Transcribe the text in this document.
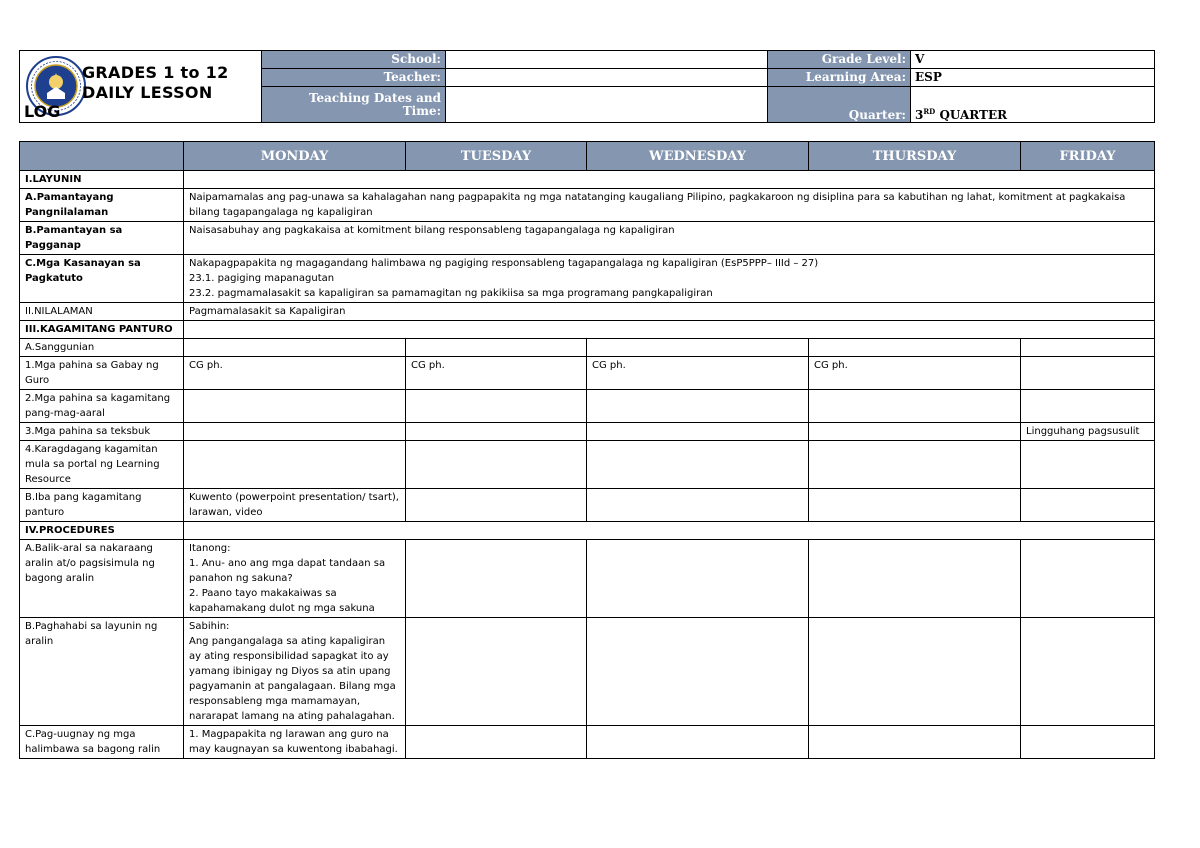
GRADES 1 to 12
DAILY LESSON
LOG
School:		Grade Level:	V
Teacher:		Learning Area:	ESP

Teaching Dates and
Time:		Quarter:	3RD QUARTER
	MONDAY	TUESDAY	WEDNESDAY	THURSDAY	FRIDAY
I.LAYUNIN					
A.Pamantayang Pangnilalaman	Naipamamalas ang pag-unawa sa kahalagahan nang pagpapakita ng mga natatanging kaugaliang Pilipino, pagkakaroon ng disiplina para sa kabutihan ng lahat, komitment at pagkakaisa bilang tagapangalaga ng kapaligiran				
B.Pamantayan sa Pagganap	Naisasabuhay ang pagkakaisa at komitment bilang responsableng tagapangalaga ng kapaligiran				
C.Mga Kasanayan sa Pagkatuto	Nakapagpapakita ng magagandang halimbawa ng pagiging responsableng tagapangalaga ng kapaligiran (EsP5PPP– IIId – 27)
23.1. pagiging mapanagutan
23.2. pagmamalasakit sa kapaligiran sa pamamagitan ng pakikiisa sa mga programang pangkapaligiran				
II.NILALAMAN	Pagmamalasakit sa Kapaligiran				
III.KAGAMITANG PANTURO					
A.Sanggunian					
1.Mga pahina sa Gabay ng Guro	CG ph.	CG ph.	CG ph.	CG ph.	
2.Mga pahina sa kagamitang pang-mag-aaral					
3.Mga pahina sa teksbuk					Lingguhang pagsusulit
4.Karagdagang kagamitan mula sa portal ng Learning Resource					
B.Iba pang kagamitang panturo	Kuwento (powerpoint presentation/ tsart), larawan, video				
IV.PROCEDURES					
A.Balik-aral sa nakaraang aralin at/o pagsisimula ng bagong aralin	Itanong:
1. Anu- ano ang mga dapat tandaan sa panahon ng sakuna?
2. Paano tayo makakaiwas sa kapahamakang dulot ng mga sakuna				
B.Paghahabi sa layunin ng aralin	Sabihin:
Ang pangangalaga sa ating kapaligiran ay ating responsibilidad sapagkat ito ay yamang ibinigay ng Diyos sa atin upang pagyamanin at pangalagaan. Bilang mga responsableng mga mamamayan, nararapat lamang na ating pahalagahan.				
C.Pag-uugnay ng mga halimbawa sa bagong ralin	1. Magpapakita ng larawan ang guro na may kaugnayan sa kuwentong ibabahagi.				
